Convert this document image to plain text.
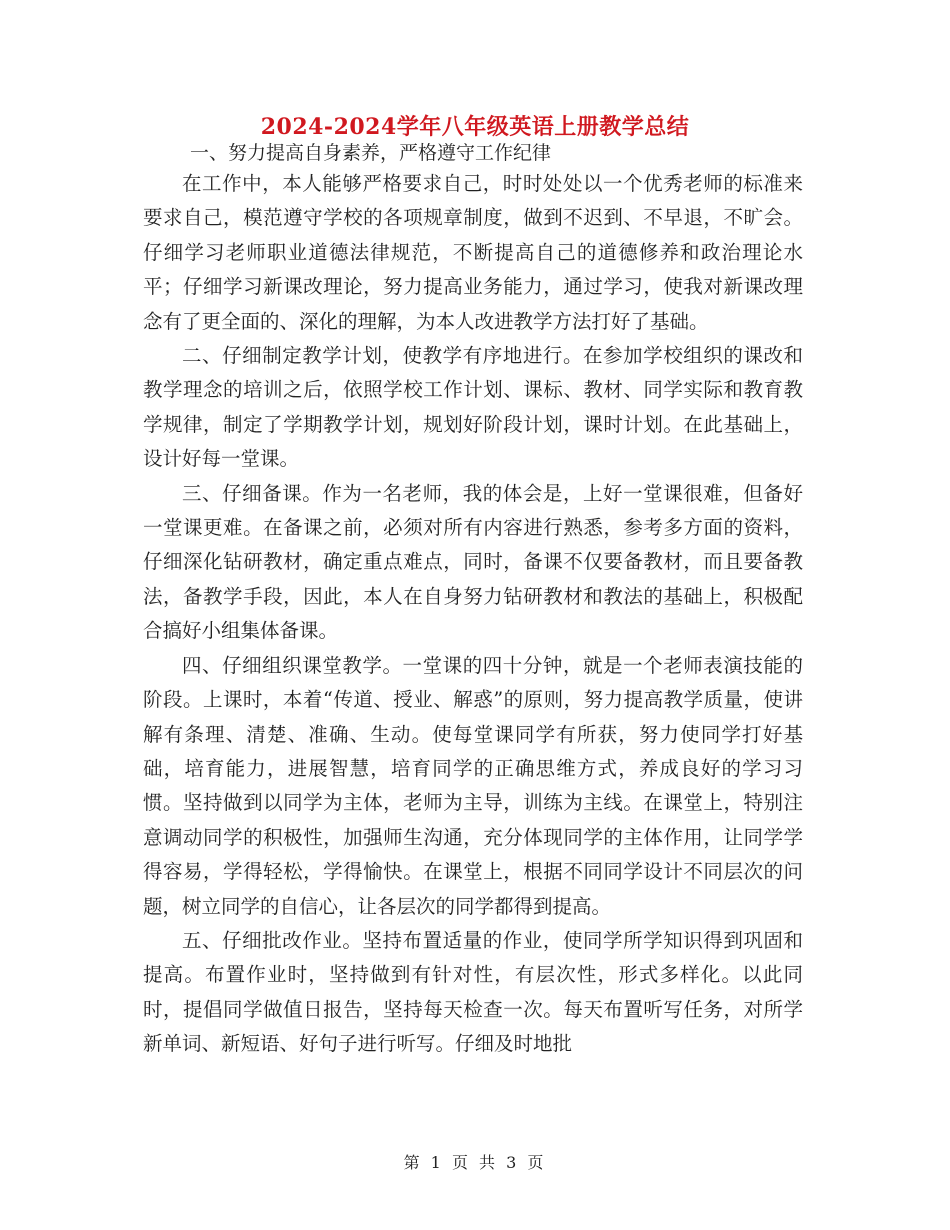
2024-2024学年八年级英语上册教学总结
一、努力提高自身素养，严格遵守工作纪律

在工作中，本人能够严格要求自己，时时处处以一个优秀老师的标准来要求自己，模范遵守学校的各项规章制度，做到不迟到、不早退，不旷会。仔细学习老师职业道德法律规范，不断提高自己的道德修养和政治理论水平；仔细学习新课改理论，努力提高业务能力，通过学习，使我对新课改理念有了更全面的、深化的理解，为本人改进教学方法打好了基础。

二、仔细制定教学计划，使教学有序地进行。在参加学校组织的课改和教学理念的培训之后，依照学校工作计划、课标、教材、同学实际和教育教学规律，制定了学期教学计划，规划好阶段计划，课时计划。在此基础上，设计好每一堂课。

三、仔细备课。作为一名老师，我的体会是，上好一堂课很难，但备好一堂课更难。在备课之前，必须对所有内容进行熟悉，参考多方面的资料，仔细深化钻研教材，确定重点难点，同时，备课不仅要备教材，而且要备教法，备教学手段，因此，本人在自身努力钻研教材和教法的基础上，积极配合搞好小组集体备课。

四、仔细组织课堂教学。一堂课的四十分钟，就是一个老师表演技能的阶段。上课时，本着“传道、授业、解惑”的原则，努力提高教学质量，使讲解有条理、清楚、准确、生动。使每堂课同学有所获，努力使同学打好基础，培育能力，进展智慧，培育同学的正确思维方式，养成良好的学习习惯。坚持做到以同学为主体，老师为主导，训练为主线。在课堂上，特别注意调动同学的积极性，加强师生沟通，充分体现同学的主体作用，让同学学得容易，学得轻松，学得愉快。在课堂上，根据不同同学设计不同层次的问题，树立同学的自信心，让各层次的同学都得到提高。

五、仔细批改作业。坚持布置适量的作业，使同学所学知识得到巩固和提高。布置作业时，坚持做到有针对性，有层次性，形式多样化。以此同时，提倡同学做值日报告，坚持每天检查一次。每天布置听写任务，对所学新单词、新短语、好句子进行听写。仔细及时地批

第 1 页 共 3 页
